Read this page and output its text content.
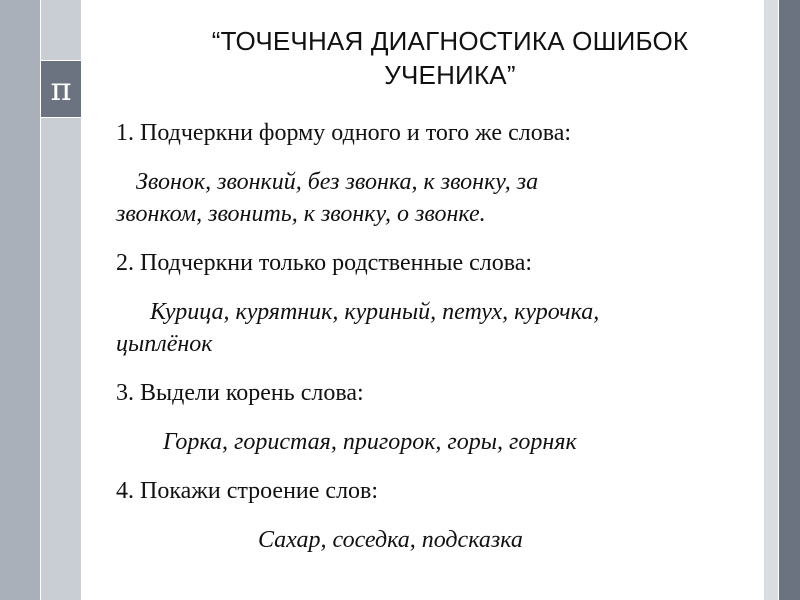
π
“ТОЧЕЧНАЯ ДИАГНОСТИКА ОШИБОК
УЧЕНИКА”
1. Подчеркни форму одного и того же слова:
Звонок, звонкий, без звонка, к звонку, за
звонком, звонить, к звонку, о звонке.
2. Подчеркни только родственные слова:
Курица, курятник, куриный, петух, курочка,
цыплёнок
3. Выдели корень слова:
Горка, гористая, пригорок, горы, горняк
4. Покажи строение слов:
Сахар, соседка, подсказка
